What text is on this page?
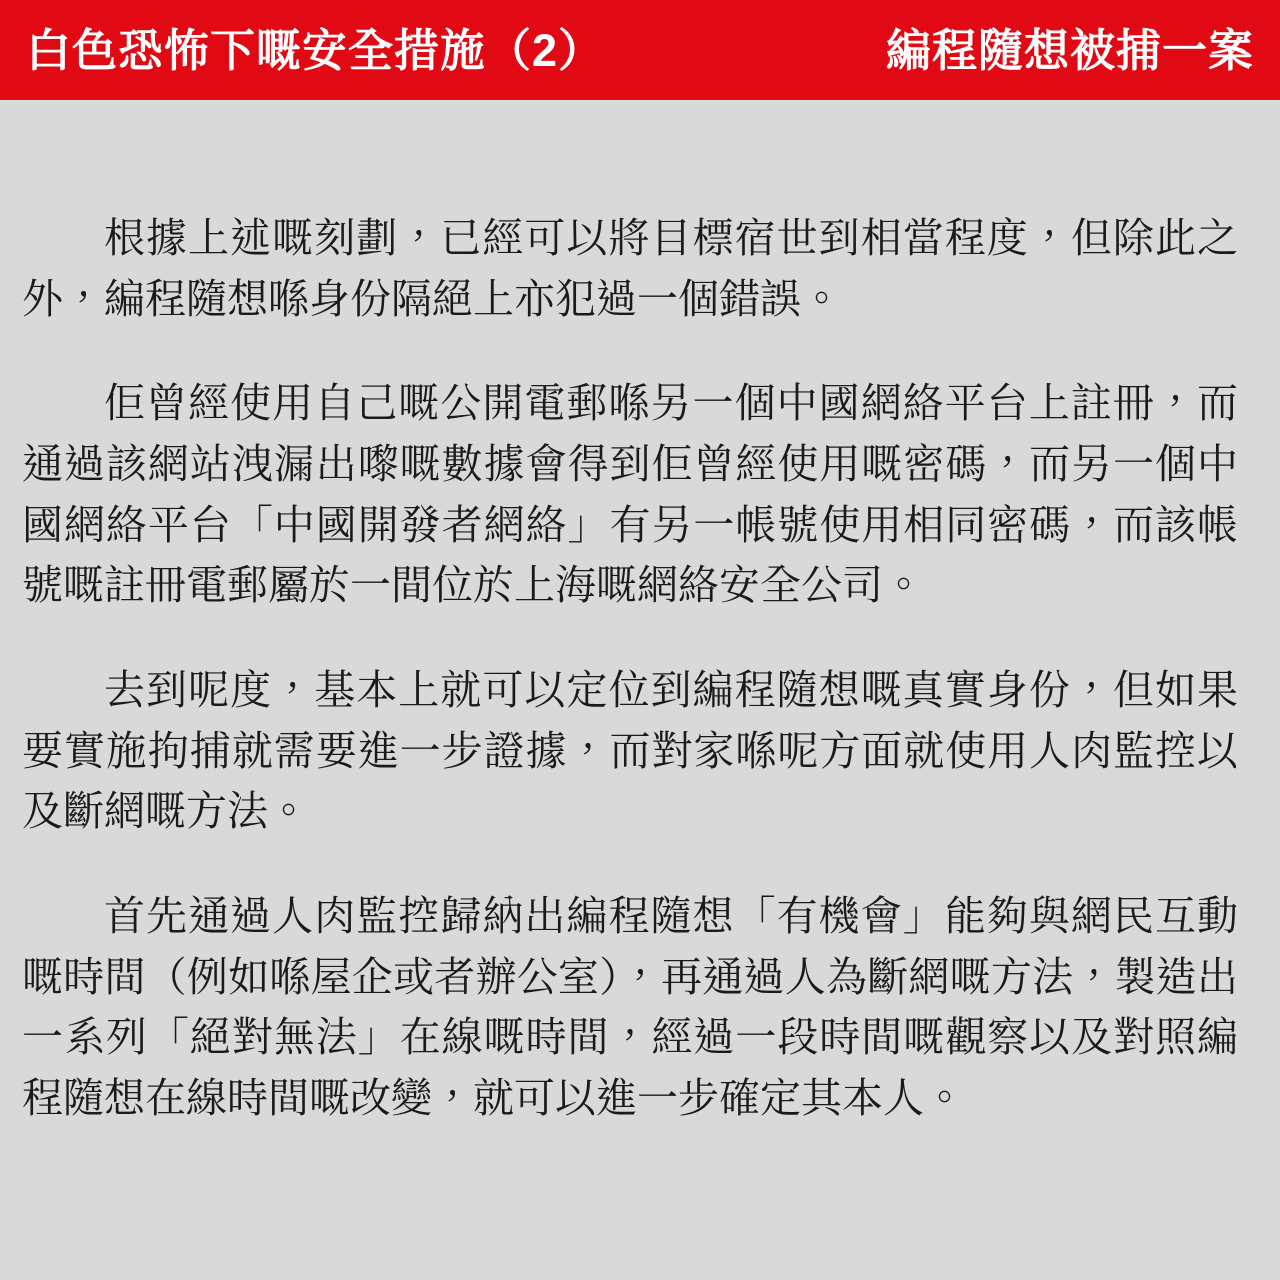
白色恐怖下嘅安全措施（2）	編程隨想被捕一案

根據上述嘅刻劃，已經可以將目標宿世到相當程度，但除此之外，編程隨想喺身份隔絕上亦犯過一個錯誤。

佢曾經使用自己嘅公開電郵喺另一個中國網絡平台上註冊，而通過該網站洩漏出嚟嘅數據會得到佢曾經使用嘅密碼，而另一個中國網絡平台「中國開發者網絡」有另一帳號使用相同密碼，而該帳號嘅註冊電郵屬於一間位於上海嘅網絡安全公司。

去到呢度，基本上就可以定位到編程隨想嘅真實身份，但如果要實施拘捕就需要進一步證據，而對家喺呢方面就使用人肉監控以及斷網嘅方法。

首先通過人肉監控歸納出編程隨想「有機會」能夠與網民互動嘅時間（例如喺屋企或者辦公室），再通過人為斷網嘅方法，製造出一系列「絕對無法」在線嘅時間，經過一段時間嘅觀察以及對照編程隨想在線時間嘅改變，就可以進一步確定其本人。
